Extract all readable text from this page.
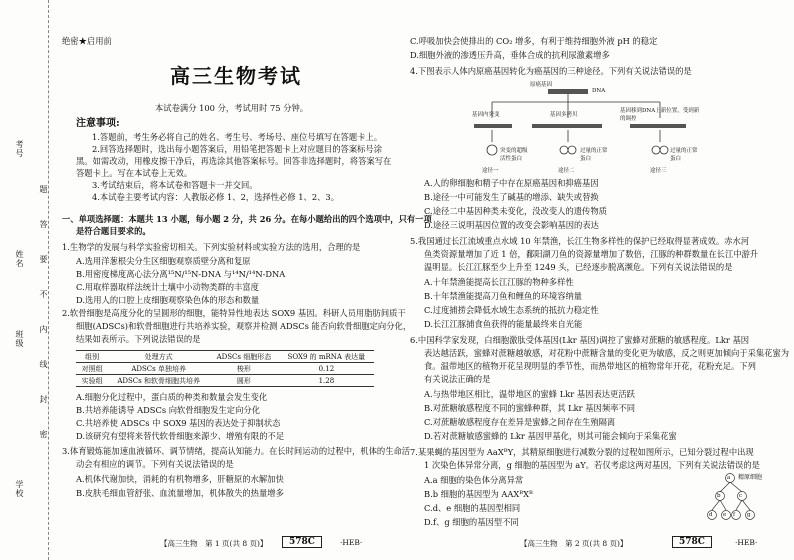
考号
姓名
班级
学校
题
答
要
不
内
线
封
密
绝密★启用前
高三生物考试
本试卷满分 100 分，考试用时 75 分钟。
注意事项:
1.答题前，考生务必将自己的姓名、考生号、考场号、座位号填写在答题卡上。
2.回答选择题时，选出每小题答案后，用铅笔把答题卡上对应题目的答案标号涂
黑。如需改动，用橡皮擦干净后，再选涂其他答案标号。回答非选择题时，将答案写在
答题卡上。写在本试卷上无效。
3.考试结束后，将本试卷和答题卡一并交回。
4.本试卷主要考试内容：人教版必修 1、2，选择性必修 1、2、3。
一、单项选择题：本题共 13 小题，每小题 2 分，共 26 分。在每小题给出的四个选项中，只有一项
是符合题目要求的。
1.生物学的发展与科学实验密切相关。下列实验材料或实验方法的选用，合理的是
A.选用洋葱根尖分生区细胞观察质壁分离和复原
B.用密度梯度离心法分离¹⁵N/¹⁵N-DNA 与¹⁴N/¹⁴N-DNA
C.用取样器取样法统计土壤中小动物类群的丰富度
D.选用人的口腔上皮细胞观察染色体的形态和数量
2.软骨细胞是高度分化的呈圆形的细胞，能特异性地表达 SOX9 基因。科研人员用脂肪间质干
细胞(ADSCs)和软骨细胞进行共培养实验，观察并检测 ADSCs 能否向软骨细胞定向分化，
结果如表所示。下列说法错误的是
组别	处理方式	ADSCs 细胞形态	SOX9 的 mRNA 表达量
对照组	ADSCs 单独培养	梭形	0.12
实验组	ADSCs 和软骨细胞共培养	圆形	1.28
A.细胞分化过程中，蛋白质的种类和数量会发生变化
B.共培养能诱导 ADSCs 向软骨细胞发生定向分化
C.共培养使 ADSCs 中 SOX9 基因的表达处于抑制状态
D.该研究有望将来替代软骨细胞来源少、增殖有限的不足
3.体育锻炼能加速血液循环、调节情绪，提高认知能力。在长时间运动的过程中，机体的生命活
动会有相应的调节。下列有关说法错误的是
A.机体代谢加快，消耗的有机物增多，肝糖原的水解加快
B.皮肤毛细血管舒张、血流量增加，机体散失的热量增多
【高三生物　第 1 页(共 8 页)】	578C	·HEB·
C.呼吸加快会使排出的 CO₂ 增多，有利于维持细胞外液 pH 的稳定
D.细胞外液的渗透压升高，垂体合成的抗利尿激素增多
4.下图表示人体内原癌基因转化为癌基因的三种途径。下列有关说法错误的是
原癌基因
DNA
基因内突变	基因多拷贝
基因移到DNA上新位置，受到新的调控
突变的超级活性蛋白
过量的正常蛋白
过量的正常蛋白
途径一	途径二	途径三
A.人的卵细胞和精子中存在原癌基因和抑癌基因
B.途径一中可能发生了碱基的增添、缺失或替换
C.途径二中基因种类未变化，没改变人的遗传物质
D.途径三说明基因位置的改变会影响基因的表达
5.我国通过长江流域重点水域 10 年禁渔，长江生物多样性的保护已经取得显著成效。赤水河
鱼类资源量增加了近 1 倍，鄱阳湖刀鱼的资源量增加了数倍，江豚的种群数量在长江中游升
温明显。长江江豚至少上升至 1249 头，已经逐步脱离濒危。下列有关说法错误的是
A.十年禁渔能提高长江江豚的物种多样性
B.十年禁渔能提高刀鱼和鲤鱼的环境容纳量
C.过度捕捞会降低水域生态系统的抵抗力稳定性
D.长江江豚捕食鱼获得的能量最终来自光能
6.中国科学家发现，白细胞激肽受体基因(Lkr 基因)调控了蜜蜂对蔗糖的敏感程度。Lkr 基因
表达越活跃，蜜蜂对蔗糖越敏感，对花粉中蔗糖含量的变化更为敏感，反之则更加倾向于采集花蜜为
食。温带地区的植物开花呈现明显的季节性，而热带地区的植物常年开花，花粉充足。下列
有关说法正确的是
A.与热带地区相比，温带地区的蜜蜂 Lkr 基因表达更活跃
B.对蔗糖敏感程度不同的蜜蜂种群，其 Lkr 基因频率不同
C.对蔗糖敏感程度存在差异是蜜蜂之间存在生殖隔离
D.若对蔗糖敏感蜜蜂的 Lkr 基因甲基化，则其可能会倾向于采集花蜜
7.某果蝇的基因型为 AaXᴮY，其精原细胞进行减数分裂的过程如图所示，已知分裂过程中出现
1 次染色体异常分离，g 细胞的基因型为 aY。若仅考虑这两对基因，下列有关说法错误的是
A.a 细胞的染色体分离异常
B.b 细胞的基因型为 AAXᴮXᴮ
C.d、e 细胞的基因型相同
D.f、g 细胞的基因型不同
精原细胞
a
b	c
d e f g
【高三生物　第 2 页(共 8 页)】	578C	·HEB·
